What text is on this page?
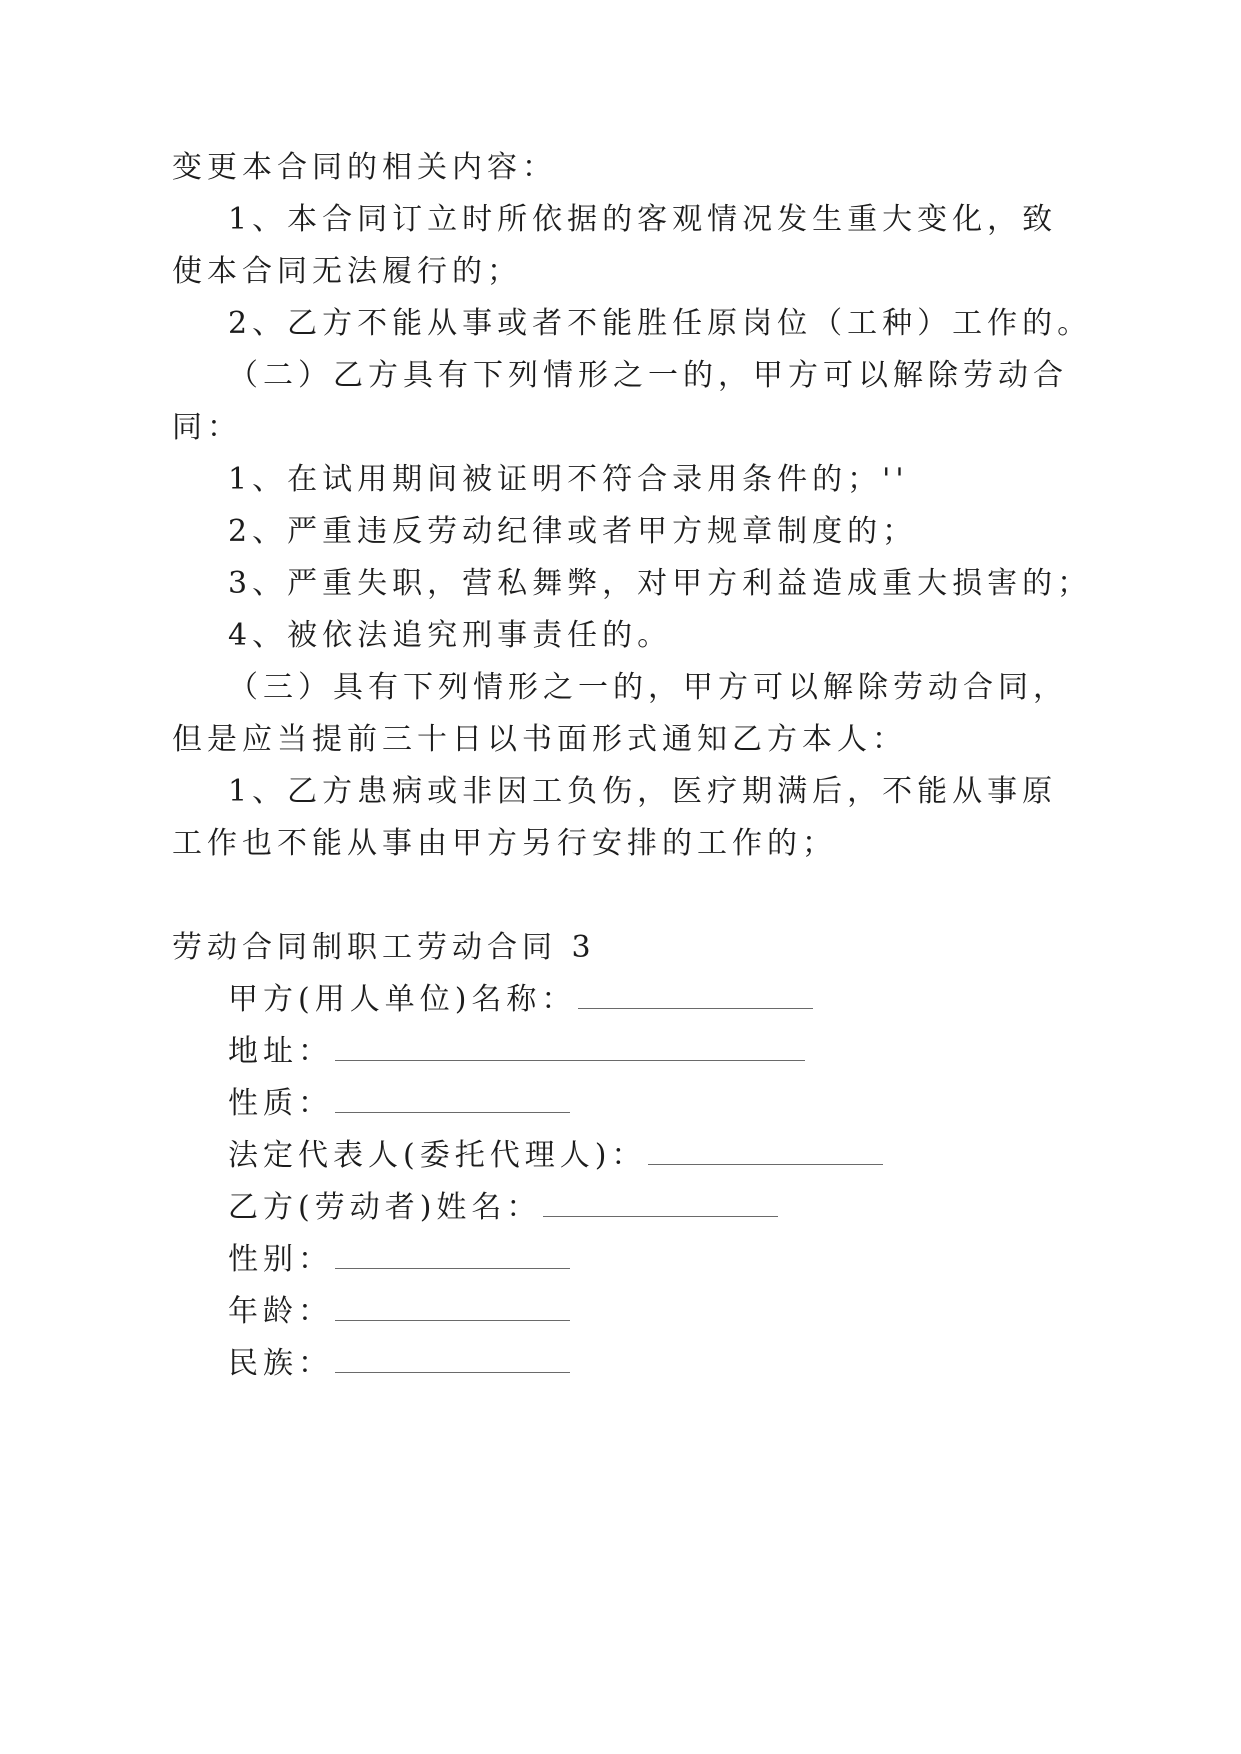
变更本合同的相关内容：
1、本合同订立时所依据的客观情况发生重大变化，致
使本合同无法履行的；
2、乙方不能从事或者不能胜任原岗位（工种）工作的。
（二）乙方具有下列情形之一的，甲方可以解除劳动合
同：
1、在试用期间被证明不符合录用条件的；''
2、严重违反劳动纪律或者甲方规章制度的；
3、严重失职，营私舞弊，对甲方利益造成重大损害的；
4、被依法追究刑事责任的。
（三）具有下列情形之一的，甲方可以解除劳动合同，
但是应当提前三十日以书面形式通知乙方本人：
1、乙方患病或非因工负伤，医疗期满后，不能从事原
工作也不能从事由甲方另行安排的工作的；
劳动合同制职工劳动合同 3
甲方(用人单位)名称：
地址：
性质：
法定代表人(委托代理人)：
乙方(劳动者)姓名：
性别：
年龄：
民族：
